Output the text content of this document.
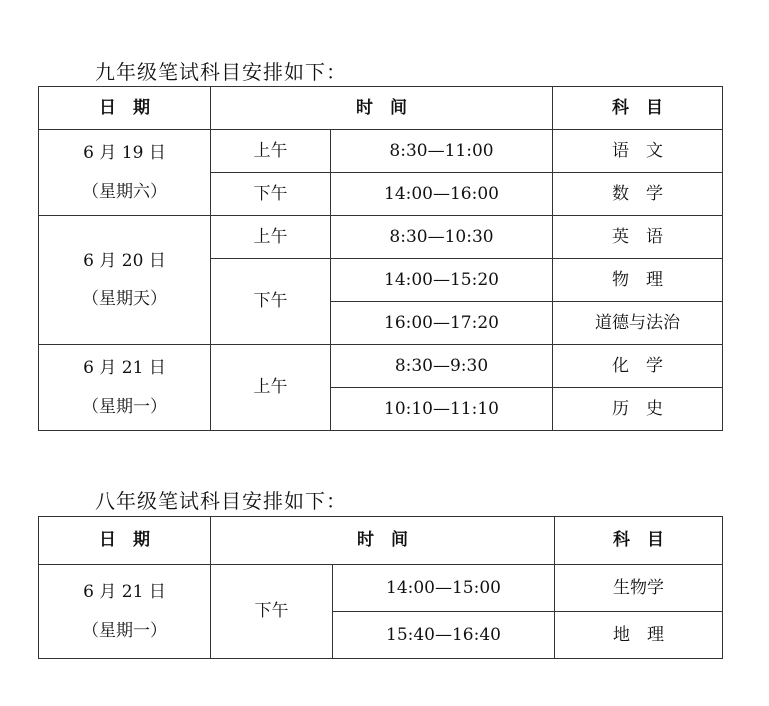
九年级笔试科目安排如下：
日　期	时　间		科　目

6 月 19 日
（星期六）	上午	8:30—11:00	语　文
	下午	14:00—16:00	数　学

6 月 20 日
（星期天）	上午	8:30—10:30	英　语
	下午	14:00—15:20	物　理
		16:00—17:20	道德与法治

6 月 21 日
（星期一）	上午	8:30—9:30	化　学
		10:10—11:10	历　史
八年级笔试科目安排如下：
日　期	时　间		科　目

6 月 21 日
（星期一）	下午	14:00—15:00	生物学
		15:40—16:40	地　理
